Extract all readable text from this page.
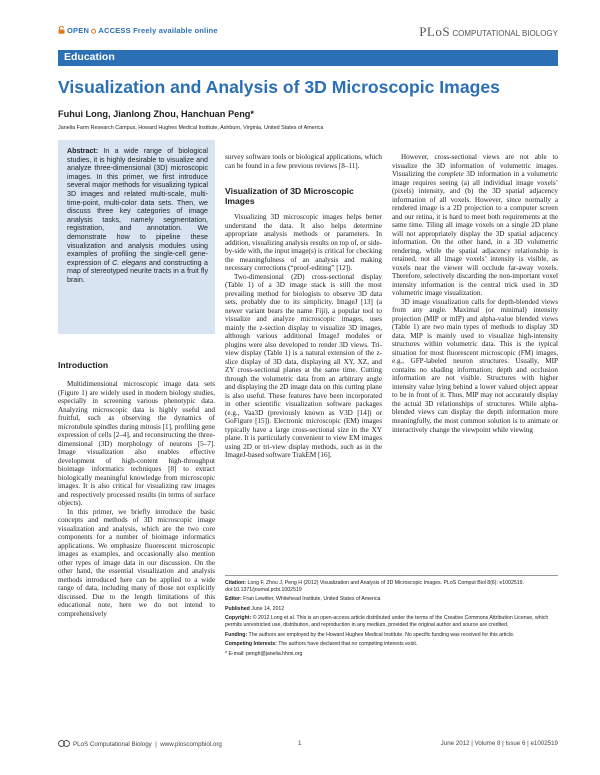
OPEN ACCESS Freely available online	PLoS COMPUTATIONAL BIOLOGY
Education
Visualization and Analysis of 3D Microscopic Images
Fuhui Long, Jianlong Zhou, Hanchuan Peng*
Janelia Farm Research Campus, Howard Hughes Medical Institute, Ashburn, Virginia, United States of America

Abstract: In a wide range of biological studies, it is highly desirable to visualize and analyze three-dimensional (3D) microscopic images. In this primer, we first introduce several major methods for visualizing typical 3D images and related multi-scale, multi-time-point, multi-color data sets. Then, we discuss three key categories of image analysis tasks, namely segmentation, registration, and annotation. We demonstrate how to pipeline these visualization and analysis modules using examples of profiling the single-cell gene-expression of C. elegans and constructing a map of stereotyped neurite tracts in a fruit fly brain.

Introduction

Multidimensional microscopic image data sets (Figure 1) are widely used in modern biology studies, especially in screening various phenotypic data. Analyzing microscopic data is highly useful and fruitful, such as observing the dynamics of microtubule spindles during mitosis [1], profiling gene expression of cells [2–4], and reconstructing the three-dimensional (3D) morphology of neurons [5–7]. Image visualization also enables effective development of high-content high-throughput bioimage informatics techniques [8] to extract biologically meaningful knowledge from microscopic images. It is also critical for visualizing raw images and respectively processed results (in terms of surface objects).

In this primer, we briefly introduce the basic concepts and methods of 3D microscopic image visualization and analysis, which are the two core components for a number of bioimage informatics applications. We emphasize fluorescent microscopic images as examples, and occasionally also mention other types of image data in our discussion. On the other hand, the essential visualization and analysis methods introduced here can be applied to a wide range of data, including many of those not explicitly discussed. Due to the length limitations of this educational note, here we do not intend to comprehensively

survey software tools or biological applications, which can be found in a few previous reviews [8–11].

Visualization of 3D Microscopic Images

Visualizing 3D microscopic images helps better understand the data. It also helps determine appropriate analysis methods or parameters. In addition, visualizing analysis results on top of, or side-by-side with, the input image(s) is critical for checking the meaningfulness of an analysis and making necessary corrections (“proof-editing” [12]).

Two-dimensional (2D) cross-sectional display (Table 1) of a 3D image stack is still the most prevailing method for biologists to observe 3D data sets, probably due to its simplicity. ImageJ [13] (a newer variant bears the name Fiji), a popular tool to visualize and analyze microscopic images, uses mainly the z-section display to visualize 3D images, although various additional ImageJ modules or plugins were also developed to render 3D views. Tri-view display (Table 1) is a natural extension of the z-slice display of 3D data, displaying all XY, XZ, and ZY cross-sectional planes at the same time. Cutting through the volumetric data from an arbitrary angle and displaying the 2D image data on this cutting plane is also useful. These features have been incorporated in other scientific visualization software packages (e.g., Vaa3D (previously known as V3D [14]) or GoFigure [15]). Electronic microscopic (EM) images typically have a large cross-sectional size in the XY plane. It is particularly convenient to view EM images using 2D or tri-view display methods, such as in the ImageJ-based software TrakEM [16].

However, cross-sectional views are not able to visualize the 3D information of volumetric images. Visualizing the complete 3D information in a volumetric image requires seeing (a) all individual image voxels’ (pixels) intensity, and (b) the 3D spatial adjacency information of all voxels. However, since normally a rendered image is a 2D projection to a computer screen and our retina, it is hard to meet both requirements at the same time. Tiling all image voxels on a single 2D plane will not appropriately display the 3D spatial adjacency information. On the other hand, in a 3D volumetric rendering, while the spatial adjacency relationship is retained, not all image voxels’ intensity is visible, as voxels near the viewer will occlude far-away voxels. Therefore, selectively discarding the non-important voxel intensity information is the central trick used in 3D volumetric image visualization.

3D image visualization calls for depth-blended views from any angle. Maximal (or minimal) intensity projection (MIP or mIP) and alpha-value blended views (Table 1) are two main types of methods to display 3D data. MIP is mainly used to visualize high-intensity structures within volumetric data. This is the typical situation for most fluorescent microscopic (FM) images, e.g., GFP-labeled neuron structures. Usually, MIP contains no shading information; depth and occlusion information are not visible. Structures with higher intensity value lying behind a lower valued object appear to be in front of it. Thus, MIP may not accurately display the actual 3D relationships of structures. While alpha-blended views can display the depth information more meaningfully, the most common solution is to animate or interactively change the viewpoint while viewing

Citation: Long F, Zhou J, Peng H (2012) Visualization and Analysis of 3D Microscopic Images. PLoS Comput Biol 8(6): e1002519. doi:10.1371/journal.pcbi.1002519

Editor: Fran Lewitter, Whitehead Institute, United States of America

Published June 14, 2012

Copyright: © 2012 Long et al. This is an open-access article distributed under the terms of the Creative Commons Attribution License, which permits unrestricted use, distribution, and reproduction in any medium, provided the original author and source are credited.

Funding: The authors are employed by the Howard Hughes Medical Institute. No specific funding was received for this article.

Competing Interests: The authors have declared that no competing interests exist.

* E-mail: pengh@janelia.hhmi.org

PLoS Computational Biology  |  www.ploscompbiol.org	1	June 2012 | Volume 8 | Issue 6 | e1002519
